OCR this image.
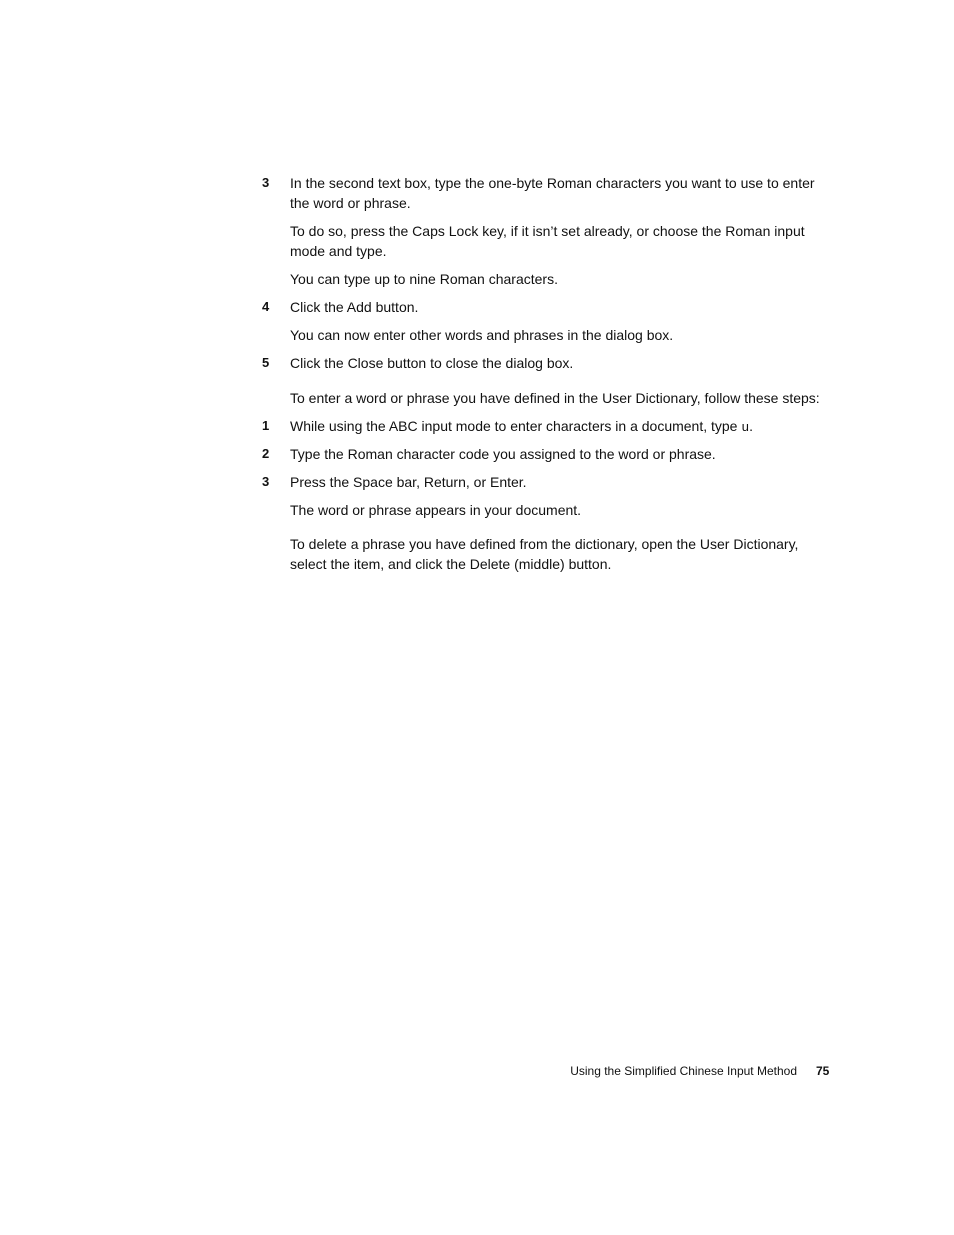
3 In the second text box, type the one-byte Roman characters you want to use to enter the word or phrase.
To do so, press the Caps Lock key, if it isn’t set already, or choose the Roman input mode and type.
You can type up to nine Roman characters.
4 Click the Add button.
You can now enter other words and phrases in the dialog box.
5 Click the Close button to close the dialog box.
To enter a word or phrase you have defined in the User Dictionary, follow these steps:
1 While using the ABC input mode to enter characters in a document, type u.
2 Type the Roman character code you assigned to the word or phrase.
3 Press the Space bar, Return, or Enter.
The word or phrase appears in your document.
To delete a phrase you have defined from the dictionary, open the User Dictionary, select the item, and click the Delete (middle) button.
Using the Simplified Chinese Input Method 75
